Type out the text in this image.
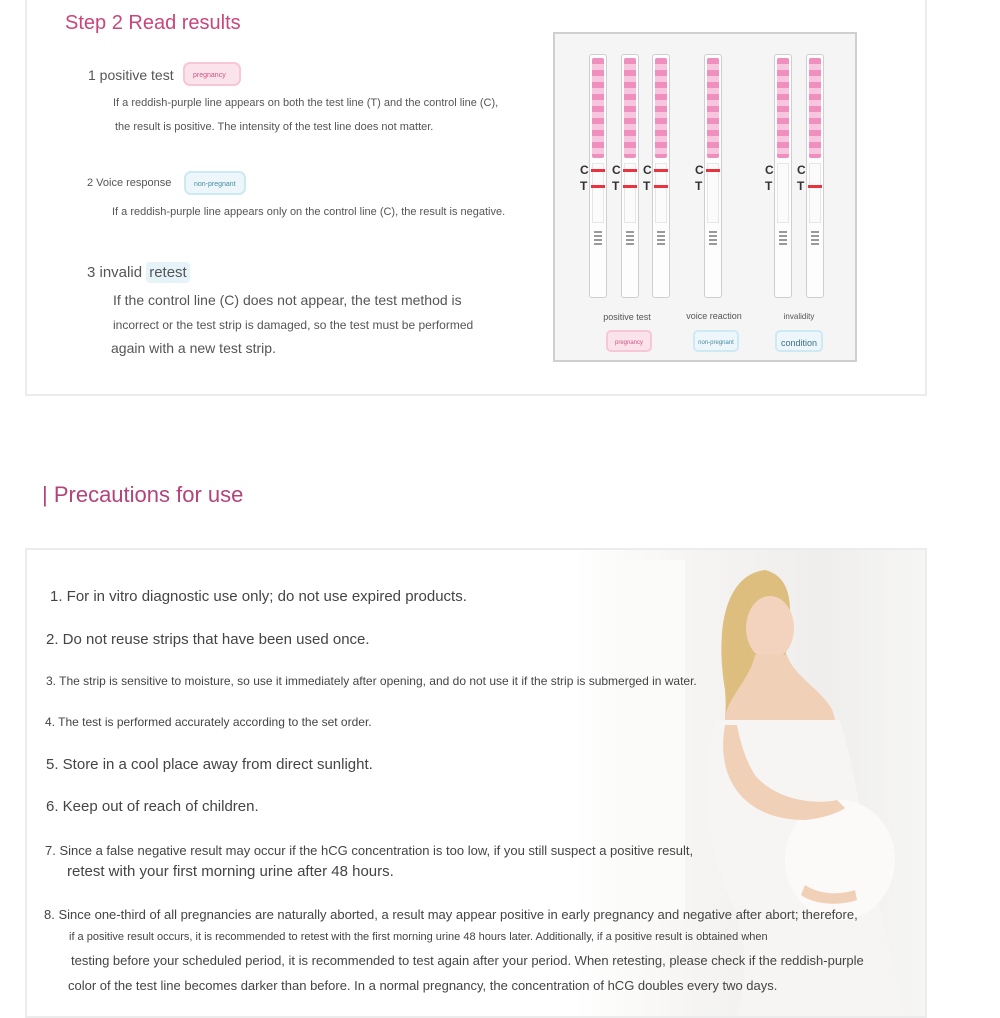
Step 2 Read results
1 positive test	pregnancy
If a reddish-purple line appears on both the test line (T) and the control line (C),
the result is positive. The intensity of the test line does not matter.
2 Voice response	non-pregnant
If a reddish-purple line appears only on the control line (C), the result is negative.
3 invalid retest
If the control line (C) does not appear, the test method is
incorrect or the test strip is damaged, so the test must be performed
again with a new test strip.
C
T
C
T
C
T
C
T
C
T
C
T
positive test	voice reaction	invalidity
pregnancy	non-pregnant	condition
| Precautions for use
1. For in vitro diagnostic use only; do not use expired products.
2. Do not reuse strips that have been used once.
3. The strip is sensitive to moisture, so use it immediately after opening, and do not use it if the strip is submerged in water.
4. The test is performed accurately according to the set order.
5. Store in a cool place away from direct sunlight.
6. Keep out of reach of children.
7. Since a false negative result may occur if the hCG concentration is too low, if you still suspect a positive result,
retest with your first morning urine after 48 hours.
8. Since one-third of all pregnancies are naturally aborted, a result may appear positive in early pregnancy and negative after abort; therefore,
if a positive result occurs, it is recommended to retest with the first morning urine 48 hours later. Additionally, if a positive result is obtained when
testing before your scheduled period, it is recommended to test again after your period. When retesting, please check if the reddish-purple
color of the test line becomes darker than before. In a normal pregnancy, the concentration of hCG doubles every two days.
